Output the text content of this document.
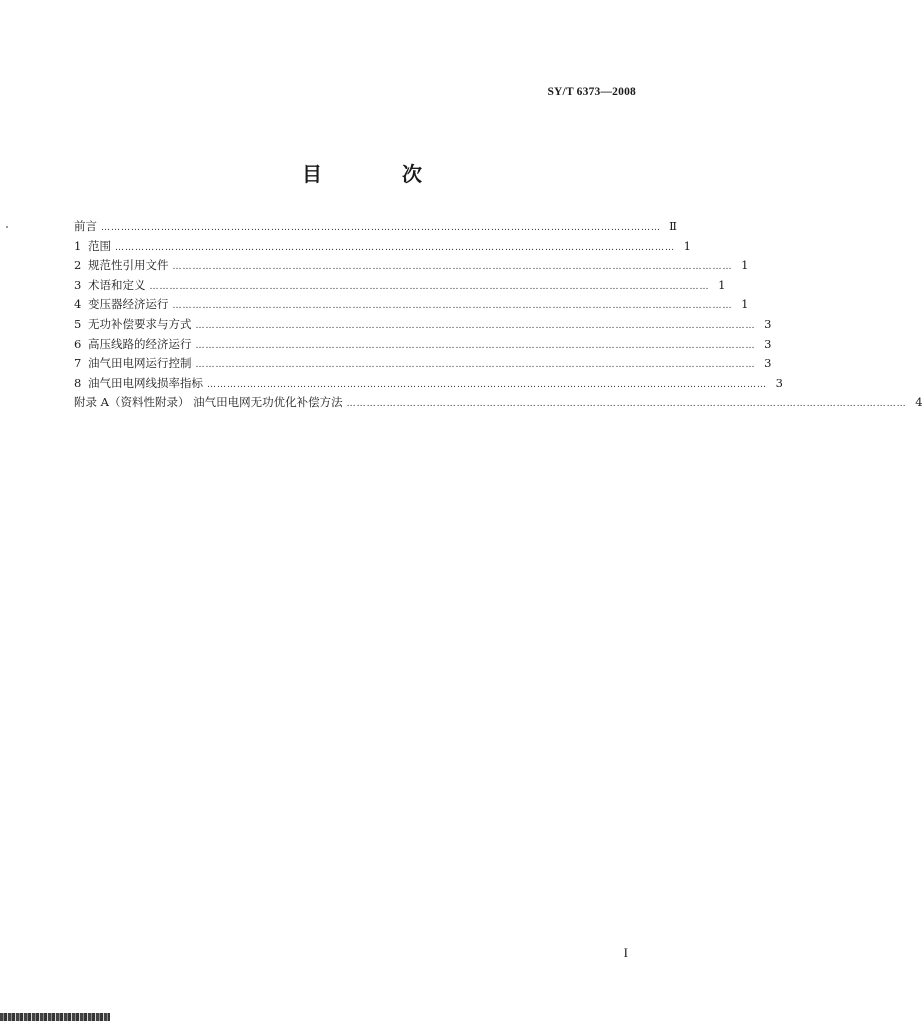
SY/T 6373—2008
目　次
前言 …………………………………………………………………………………………………………………………………………………… Ⅱ
1 范围 …………………………………………………………………………………………………………………………………………………… 1
2 规范性引用文件 …………………………………………………………………………………………………………………………………………………… 1
3 术语和定义 …………………………………………………………………………………………………………………………………………………… 1
4 变压器经济运行 …………………………………………………………………………………………………………………………………………………… 1
5 无功补偿要求与方式 …………………………………………………………………………………………………………………………………………………… 3
6 高压线路的经济运行 …………………………………………………………………………………………………………………………………………………… 3
7 油气田电网运行控制 …………………………………………………………………………………………………………………………………………………… 3
8 油气田电网线损率指标 …………………………………………………………………………………………………………………………………………………… 3
附录 A（资料性附录） 油气田电网无功优化补偿方法 …………………………………………………………………………………………………………………………………………………… 4
I
